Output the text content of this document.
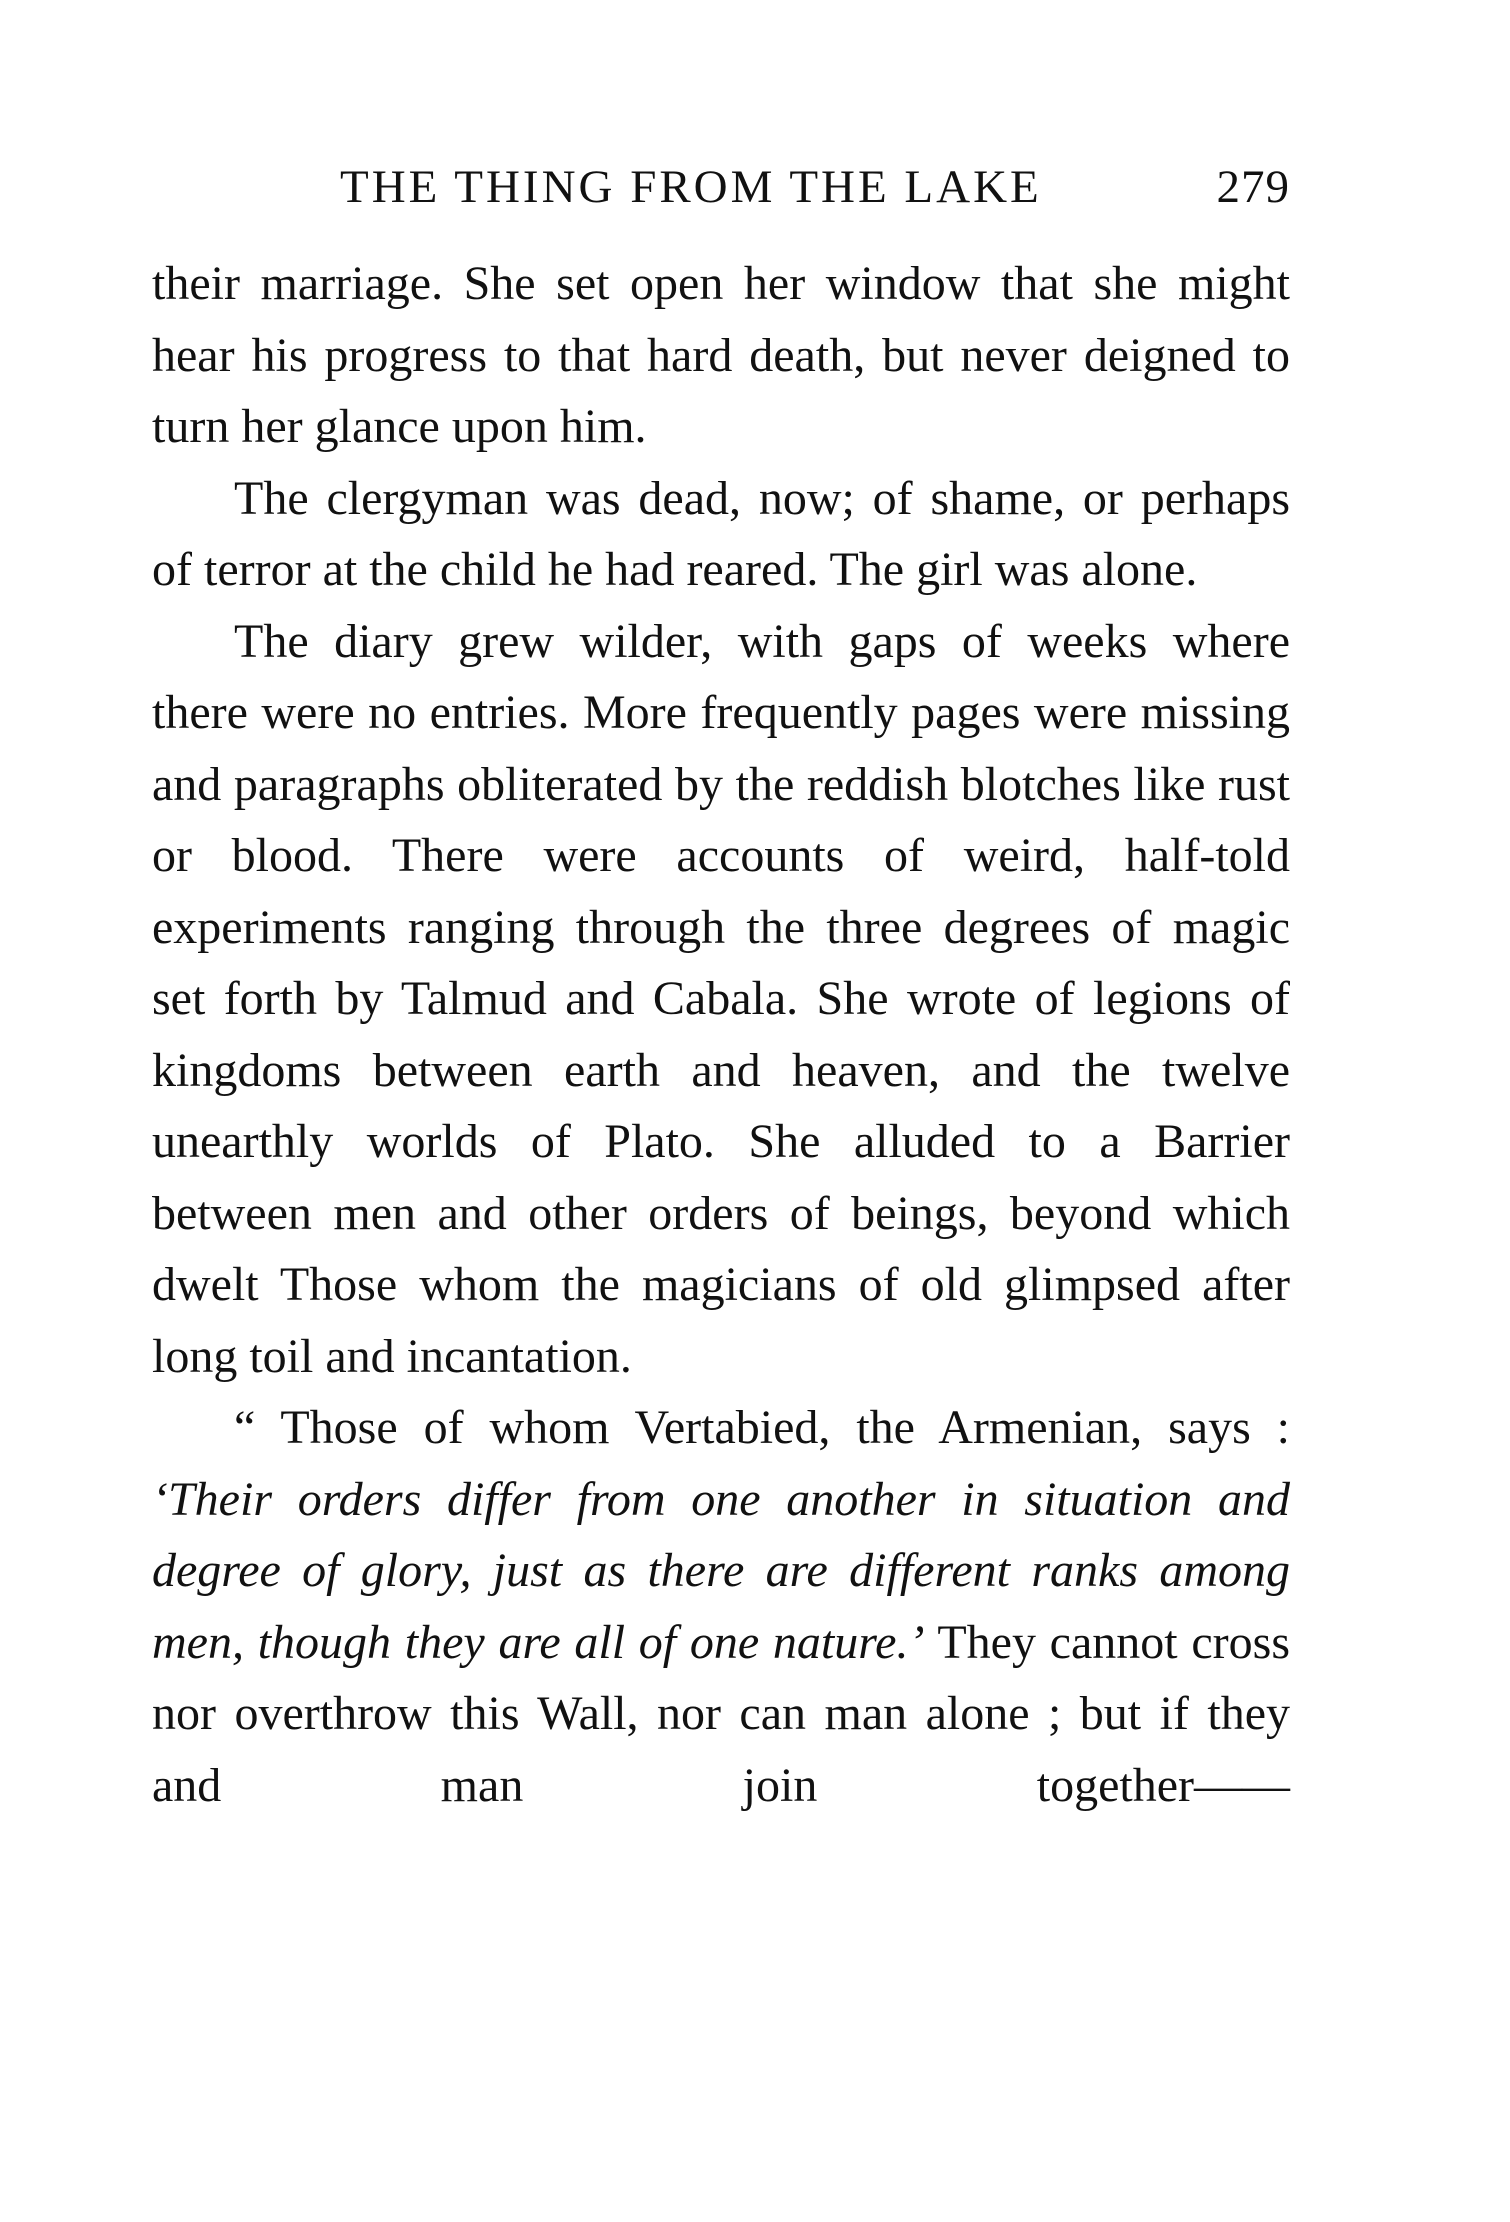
THE THING FROM THE LAKE	279

their marriage. She set open her window that she might hear his progress to that hard death, but never deigned to turn her glance upon him.

The clergyman was dead, now; of shame, or perhaps of terror at the child he had reared. The girl was alone.

The diary grew wilder, with gaps of weeks where there were no entries. More frequently pages were missing and paragraphs obliterated by the reddish blotches like rust or blood. There were accounts of weird, half-told experiments ranging through the three degrees of magic set forth by Talmud and Cabala. She wrote of legions of kingdoms between earth and heaven, and the twelve unearthly worlds of Plato. She alluded to a Barrier between men and other orders of beings, beyond which dwelt Those whom the magicians of old glimpsed after long toil and incantation.

“ Those of whom Vertabied, the Armenian, says : ‘Their orders differ from one another in situation and degree of glory, just as there are different ranks among men, though they are all of one nature.’ They cannot cross nor overthrow this Wall, nor can man alone ; but if they and man join together——
